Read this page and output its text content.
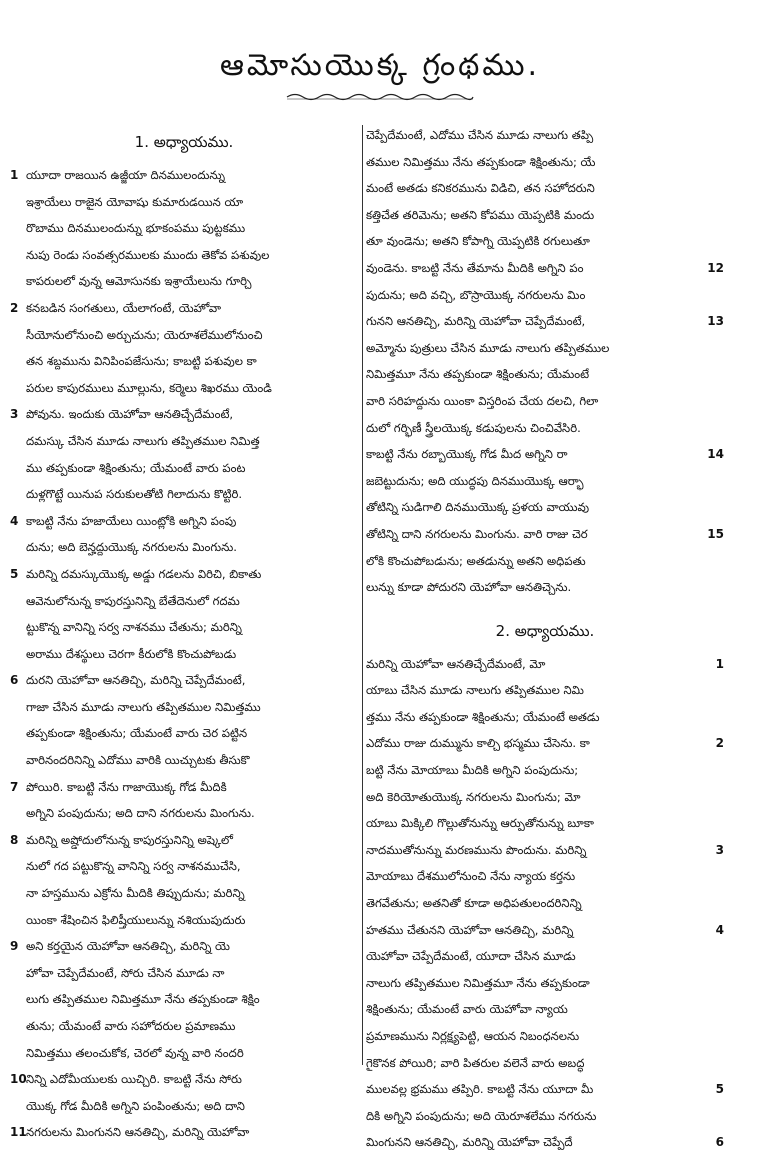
ఆమోసుయొక్క గ్రంథము.
1. అధ్యాయము.
1 యూదా రాజయిన ఉజ్జీయా దినములందున్ను
ఇశ్రాయేలు రాజైన యోవాషు కుమారుడయిన యా
రొబాము దినములందున్ను భూకంపము పుట్టకము
నుపు రెండు సంవత్సరములకు ముందు తెకోవ పశువుల
కాపరులలో వున్న ఆమోసునకు ఇశ్రాయేలును గూర్చి
2 కనబడిన సంగతులు, యేలాగంటే, యెహోవా
సీయోనులోనుంచి అర్చుచును; యెరూశలేములోనుంచి
తన శబ్దమును వినిపింపజేసును; కాబట్టి పశువుల కా
పరుల కాపురములు మూల్లును, కర్మెలు శిఖరము యెండి
3 పోవును. ఇందుకు యెహోవా ఆనతిచ్చేదేమంటే,
దమస్కు చేసిన మూడు నాలుగు తప్పితముల నిమిత్త
ము తప్పకుండా శిక్షింతును; యేమంటే వారు పంట
దుళ్లగొట్టే యినుప సరుకులతోటి గిలాదును కొట్టిరి.
4 కాబట్టి నేను హజాయేలు యింట్లోకి అగ్నిని పంపు
దును; అది బెన్హద్దుయొక్క నగరులను మింగును.
5 మరిన్ని దమస్కుయొక్క అడ్డు గడలను విరిచి, బికాతు
ఆవెనులోనున్న కాపురస్తునిన్ని బేతేదెనులో గదమ
ట్టుకొన్న వానిన్ని సర్వ నాశనము చేతును; మరిన్ని
అరాము దేశస్థులు చెరగా కీరులోకి కొంచుపోబడు
6 దురని యెహోవా ఆనతిచ్చి, మరిన్ని చెప్పేదేమంటే,
గాజా చేసిన మూడు నాలుగు తప్పితముల నిమిత్తము
తప్పకుండా శిక్షింతును; యేమంటే వారు చెర పట్టిన
వారినందరినిన్ని ఎదోము వారికి యిచ్చుటకు తీసుకొ
7 పోయిరి. కాబట్టి నేను గాజాయొక్క గోడ మీదికి
అగ్నిని పంపుదును; అది దాని నగరులను మింగును.
8 మరిన్ని అష్డోదులోనున్న కాపురస్తునిన్ని అష్కెలో
నులో గద పట్టుకొన్న వానిన్ని సర్వ నాశనముచేసి,
నా హస్తమును ఎక్రోను మీదికి తిప్పుదును; మరిన్ని
యింకా శేషించిన ఫిలిష్తీయులున్ను నశియుపుదురు
9 అని కర్తయైన యెహోవా ఆనతిచ్చి, మరిన్ని యె
హోవా చెప్పేదేమంటే, సోరు చేసిన మూడు నా
లుగు తప్పితముల నిమిత్తమూ నేను తప్పకుండా శిక్షిం
తును; యేమంటే వారు సహోదరుల ప్రమాణము
నిమిత్తము తలంచుకోక, చెరలో వున్న వారి నందరి
10 నిన్ని ఎదోమీయులకు యిచ్చిరి. కాబట్టి నేను సోరు
యొక్క గోడ మీదికి అగ్నిని పంపింతును; అది దాని
11 నగరులను మింగునని ఆనతిచ్చి, మరిన్ని యెహోవా
చెప్పేదేమంటే, ఎదోము చేసిన మూడు నాలుగు తప్పి
తముల నిమిత్తము నేను తప్పకుండా శిక్షింతును; యే
మంటే అతడు కనికరమును విడిచి, తన సహోదరుని
కత్తిచేత తరిమెను; అతని కోపము యెప్పటికి మందు
తూ వుండెను; అతని కోపాగ్ని యెప్పటికి రగులుతూ
12
వుండెను. కాబట్టి నేను తేమాను మీదికి అగ్నిని పం
పుదును; అది వచ్చి, బొస్రాయొక్క నగరులను మిం
13
గునని ఆనతిచ్చి, మరిన్ని యెహోవా చెప్పేదేమంటే,
అమ్మోను పుత్రులు చేసిన మూడు నాలుగు తప్పితముల
నిమిత్తమూ నేను తప్పకుండా శిక్షింతును; యేమంటే
వారి సరిహద్దును యింకా విస్తరింప చేయ దలచి, గిలా
దులో గర్భిణీ స్త్రీలయొక్క కడుపులను చించివేసిరి.
14
కాబట్టి నేను రబ్బాయొక్క గోడ మీద అగ్నిని రా
జబెట్టుదును; అది యుద్ధపు దినముయొక్క ఆర్భా
తోటిన్ని సుడిగాలి దినముయొక్క ప్రళయ వాయువు
15
తోటిన్ని దాని నగరులను మింగును. వారి రాజు చెర
లోకి కొంచుపోబడును; అతడున్ను అతని అధిపతు
లున్ను కూడా పోదురని యెహోవా ఆనతిచ్చెను.
2. అధ్యాయము.
1
మరిన్ని యెహోవా ఆనతిచ్చేదేమంటే, మో
యాబు చేసిన మూడు నాలుగు తప్పితముల నిమి
త్తము నేను తప్పకుండా శిక్షింతును; యేమంటే అతడు
2
ఎదోము రాజు దుమ్మును కాల్చి భస్మము చేసెను. కా
బట్టి నేను మోయాబు మీదికి అగ్నిని పంపుదును;
అది కెరియోతుయొక్క నగరులను మింగును; మో
యాబు మిక్కిలి గొల్లుతోనున్ను ఆర్పుతోనున్ను బూకా
3
నాదముతోనున్ను మరణమును పొందును. మరిన్ని
మోయాబు దేశములోనుంచి నేను న్యాయ కర్తను
తెగవేతును; అతనితో కూడా అధిపతులందరినిన్ని
4
హతము చేతునని యెహోవా ఆనతిచ్చి, మరిన్ని
యెహోవా చెప్పేదేమంటే, యూదా చేసిన మూడు
నాలుగు తప్పితముల నిమిత్తమూ నేను తప్పకుండా
శిక్షింతును; యేమంటే వారు యెహోవా న్యాయ
ప్రమాణమును నిర్లక్ష్యపెట్టి, ఆయన నిబంధనలను
గైకొనక పోయిరి; వారి పితరుల వలెనే వారు అబద్ధ
5
ములవల్ల భ్రమము తప్పిరి. కాబట్టి నేను యూదా మీ
దికి అగ్నిని పంపుదును; అది యెరూశలేము నగరును
6
మింగునని ఆనతిచ్చి, మరిన్ని యెహోవా చెప్పేదే
